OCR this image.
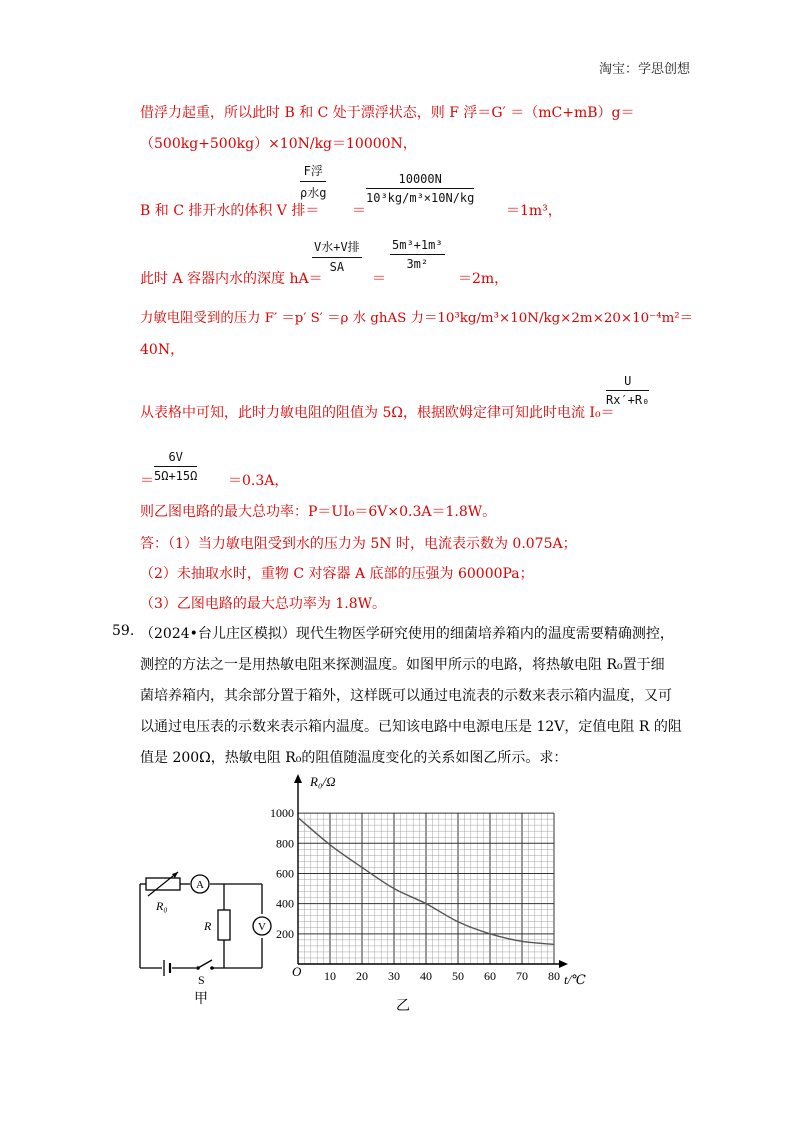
淘宝：学思创想
借浮力起重，所以此时 B 和 C 处于漂浮状态，则 F 浮＝G′ ＝（mC+mB）g＝
（500kg+500kg）×10N/kg＝10000N，
B 和 C 排开水的体积 V 排＝
F浮
ρ水g
＝
$\frac{10000N}{\text{10³kg/m³×10N/kg}}$
＝1m³，
此时 A 容器内水的深度 hA＝
V水+V排
SA
＝
$\frac{\text{5m³+1m³}}{\text{3m²}}$
＝2m，
力敏电阻受到的压力 F′ ＝p′ S′ ＝ρ 水 ghAS 力＝10³kg/m³×10N/kg×2m×20×10⁻⁴m²＝
40N，
从表格中可知，此时力敏电阻的阻值为 5Ω，根据欧姆定律可知此时电流 I₀＝
$\frac{U}{\text{Rx′+R₀}}$
＝ $\frac{6V}{5\Omega+15\Omega} =0.3A$，
则乙图电路的最大总功率：P＝UI₀＝6V×0.3A＝1.8W。
答：（1）当力敏电阻受到水的压力为 5N 时，电流表示数为 0.075A；
（2）未抽取水时，重物 C 对容器 A 底部的压强为 60000Pa；
（3）乙图电路的最大总功率为 1.8W。
59. （2024•台儿庄区模拟）现代生物医学研究使用的细菌培养箱内的温度需要精确测控，
测控的方法之一是用热敏电阻来探测温度。如图甲所示的电路，将热敏电阻 R₀置于细
菌培养箱内，其余部分置于箱外，这样既可以通过电流表的示数来表示箱内温度，又可
以通过电压表的示数来表示箱内温度。已知该电路中电源电压是 12V，定值电阻 R 的阻
值是 200Ω，热敏电阻 R₀的阻值随温度变化的关系如图乙所示。求：
R₀
A
R	V
S
甲
10 20 30 40 50 60 70 80
200
400
600
800
1000
R₀/Ω
t/℃
O
乙
